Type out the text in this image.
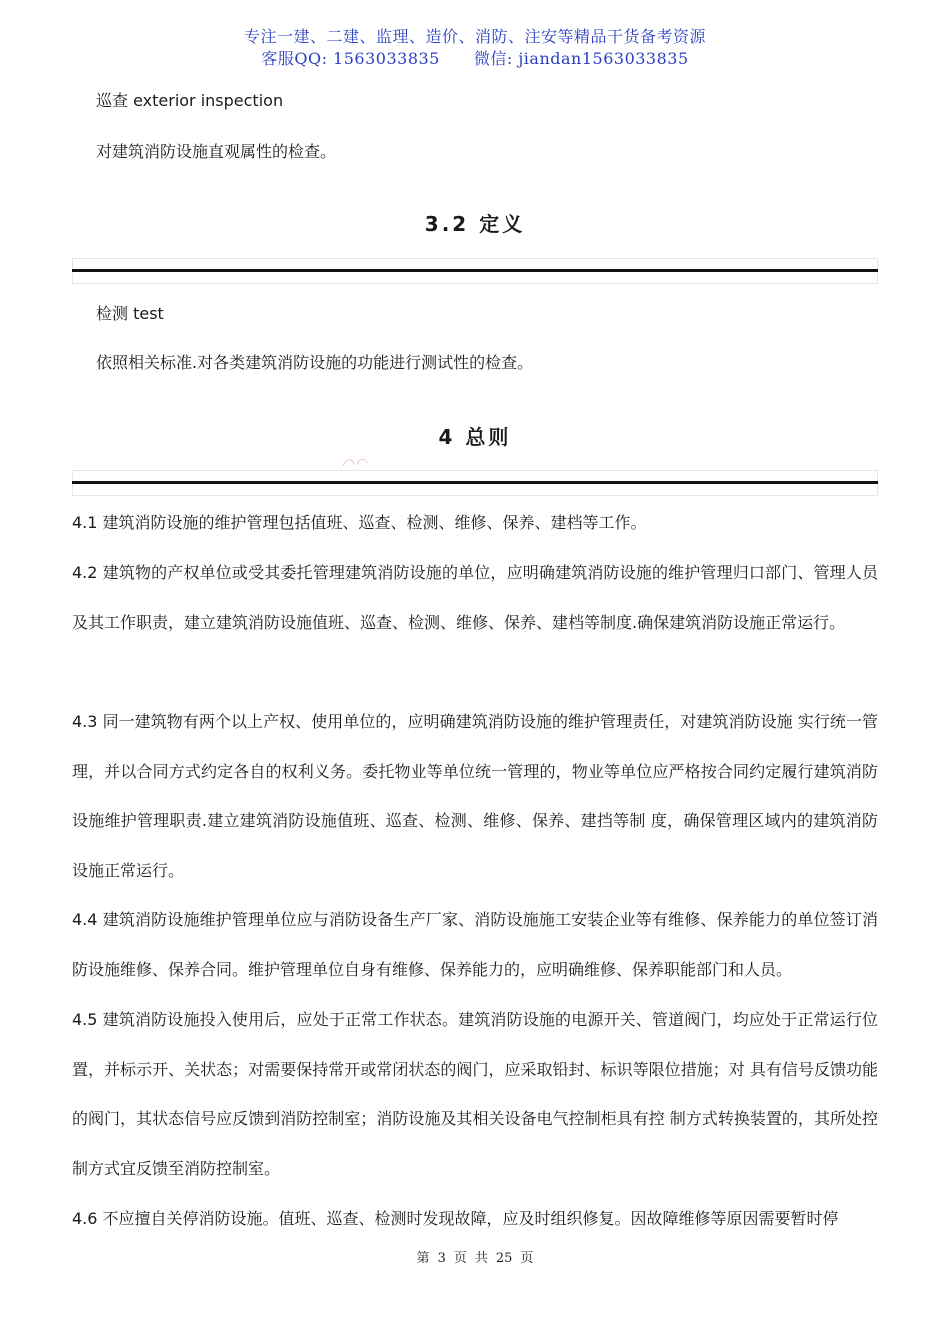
专注一建、二建、监理、造价、消防、注安等精品干货备考资源
客服QQ: 1563033835 微信: jiandan1563033835
巡查 exterior inspection
对建筑消防设施直观属性的检查。
3.2 定义
检测 test
依照相关标准.对各类建筑消防设施的功能进行测试性的检查。
4 总则
4.1 建筑消防设施的维护管理包括值班、巡查、检测、维修、保养、建档等工作。
4.2 建筑物的产权单位或受其委托管理建筑消防设施的单位，应明确建筑消防设施的维护管理归口部门、管理人员及其工作职责，建立建筑消防设施值班、巡查、检测、维修、保养、建档等制度.确保建筑消防设施正常运行。
4.3 同一建筑物有两个以上产权、使用单位的，应明确建筑消防设施的维护管理责任，对建筑消防设施 实行统一管理，并以合同方式约定各自的权利义务。委托物业等单位统一管理的，物业等单位应严格按合同约定履行建筑消防设施维护管理职责.建立建筑消防设施值班、巡查、检测、维修、保养、建挡等制 度，确保管理区域内的建筑消防设施正常运行。
4.4 建筑消防设施维护管理单位应与消防设备生产厂家、消防设施施工安装企业等有维修、保养能力的单位签订消防设施维修、保养合同。维护管理单位自身有维修、保养能力的，应明确维修、保养职能部门和人员。
4.5 建筑消防设施投入使用后，应处于正常工作状态。建筑消防设施的电源开关、管道阀门，均应处于正常运行位置，并标示开、关状态；对需要保持常开或常闭状态的阀门，应采取铅封、标识等限位措施；对 具有信号反馈功能的阀门，其状态信号应反馈到消防控制室；消防设施及其相关设备电气控制柜具有控 制方式转换装置的，其所处控制方式宜反馈至消防控制室。
4.6 不应擅自关停消防设施。值班、巡查、检测时发现故障，应及时组织修复。因故障维修等原因需要暂时停
第 3 页 共 25 页
